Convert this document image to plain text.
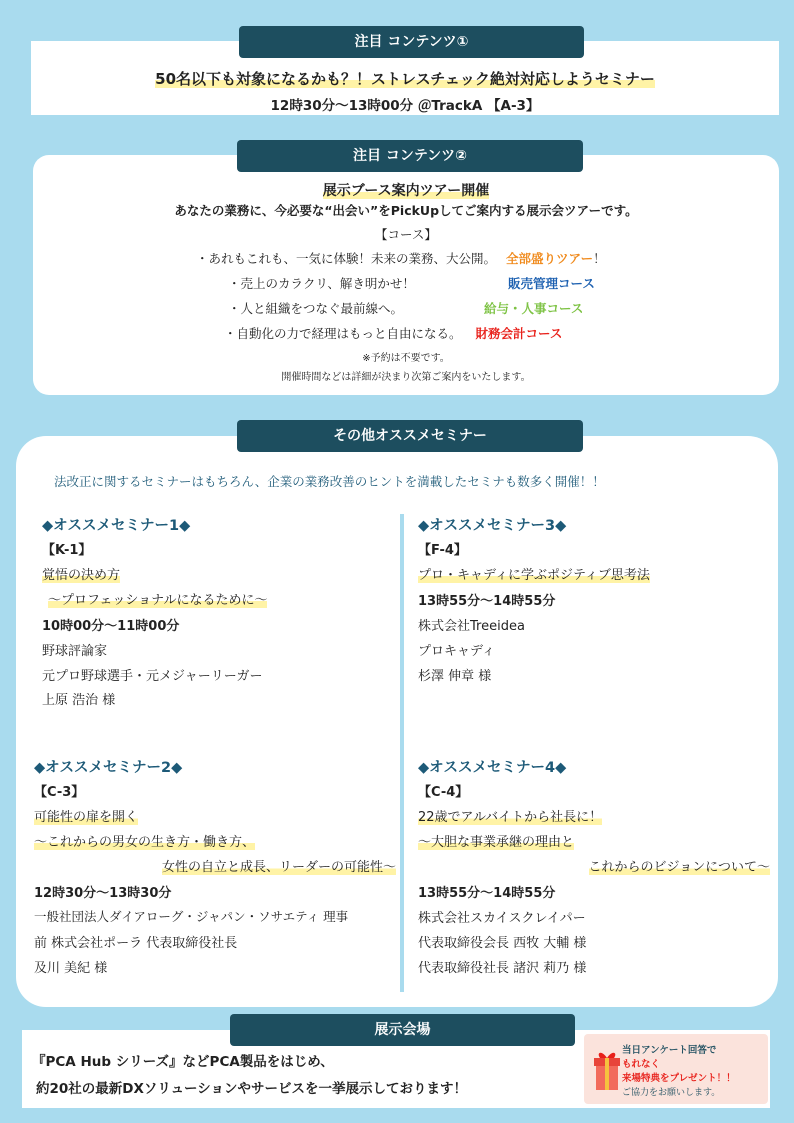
50名以下も対象になるかも？！ストレスチェック絶対対応しようセミナー
12時30分～13時00分 ＠TrackA 【A-3】
注目 コンテンツ①
展示ブース案内ツアー開催
あなたの業務に、今必要な“出会い”をPickUpしてご案内する展示会ツアーです。
【コース】
・あれもこれも、一気に体験！未来の業務、大公開。 全部盛りツアー！
・売上のカラクリ、解き明かせ！	販売管理コース
・人と組織をつなぐ最前線へ。	給与・人事コース
・自動化の力で経理はもっと自由になる。 財務会計コース
※予約は不要です。
開催時間などは詳細が決まり次第ご案内をいたします。
注目 コンテンツ②
法改正に関するセミナーはもちろん、企業の業務改善のヒントを満載したセミナも数多く開催！！
◆オススメセミナー1◆
【K-1】
覚悟の決め方
～プロフェッショナルになるために～
10時00分～11時00分
野球評論家
元プロ野球選手・元メジャーリーガー
上原 浩治 様
◆オススメセミナー3◆
【F-4】
プロ・キャディに学ぶポジティブ思考法
13時55分～14時55分
株式会社Treeidea
プロキャディ
杉澤 伸章 様
◆オススメセミナー2◆
【C-3】
可能性の扉を開く
～これからの男女の生き方・働き方、
女性の自立と成長、リーダーの可能性～
12時30分～13時30分
一般社団法人ダイアローグ・ジャパン・ソサエティ 理事
前 株式会社ポーラ 代表取締役社長
及川 美紀 様
◆オススメセミナー4◆
【C-4】
22歳でアルバイトから社長に！
～大胆な事業承継の理由と
これからのビジョンについて～
13時55分～14時55分
株式会社スカイスクレイパー
代表取締役会長 西牧 大輔 様
代表取締役社長 諸沢 莉乃 様
その他オススメセミナー
『PCA Hub シリーズ』などPCA製品をはじめ、
約20社の最新DXソリューションやサービスを一挙展示しております！
当日アンケート回答で
もれなく
来場特典をプレゼント！！
ご協力をお願いします。
展示会場
